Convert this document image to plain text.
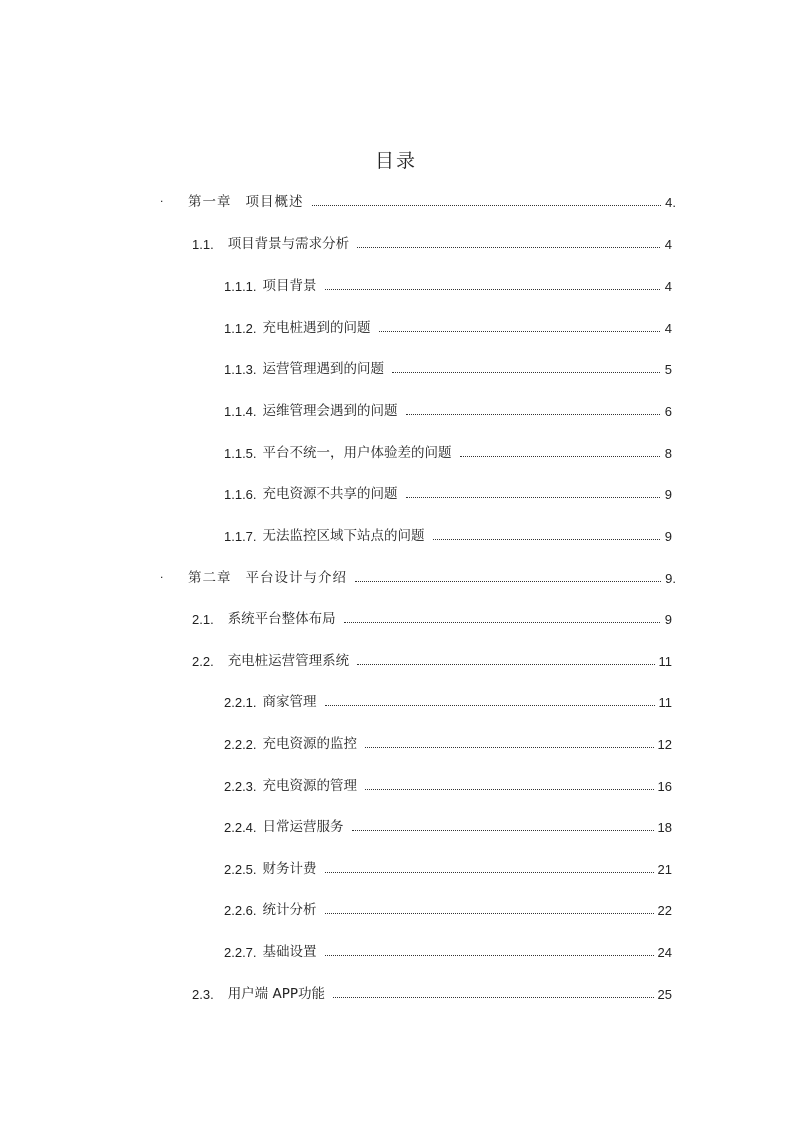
目录
. 第一章 项目概述	4.
1.1. 项目背景与需求分析	4
1.1.1. 项目背景	4
1.1.2. 充电桩遇到的问题	4
1.1.3. 运营管理遇到的问题	5
1.1.4. 运维管理会遇到的问题	6
1.1.5. 平台不统一，用户体验差的问题	8
1.1.6. 充电资源不共享的问题	9
1.1.7. 无法监控区域下站点的问题	9
. 第二章 平台设计与介绍	9.
2.1. 系统平台整体布局	9
2.2. 充电桩运营管理系统	11
2.2.1. 商家管理	11
2.2.2. 充电资源的监控	12
2.2.3. 充电资源的管理	16
2.2.4. 日常运营服务	18
2.2.5. 财务计费	21
2.2.6. 统计分析	22
2.2.7. 基础设置	24
2.3. 用户端 APP功能	25
